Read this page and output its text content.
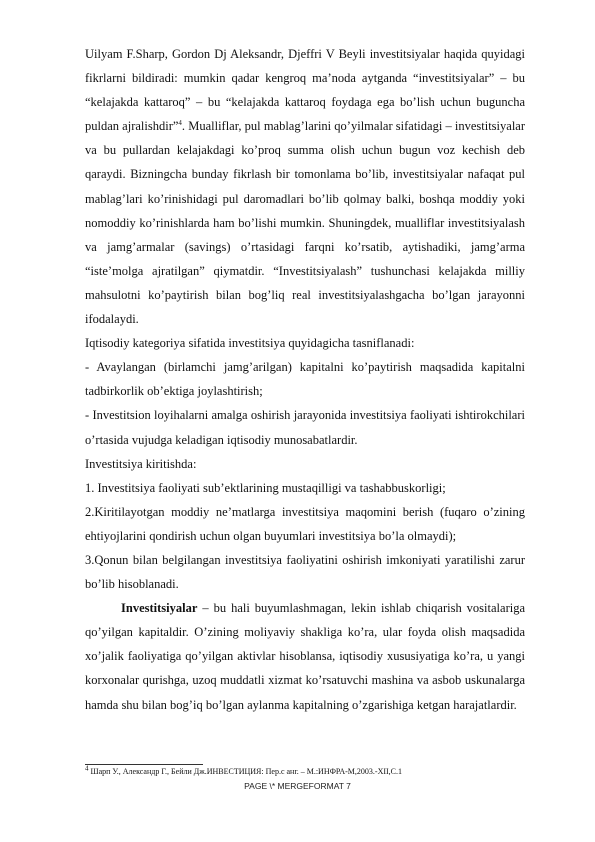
Uilyam F.Sharp, Gordon Dj Aleksandr, Djeffri V Beyli investitsiyalar haqida quyidagi fikrlarni bildiradi: mumkin qadar kengroq ma’noda aytganda “investitsiyalar” – bu “kelajakda kattaroq” – bu “kelajakda kattaroq foydaga ega bo’lish uchun buguncha puldan ajralishdir”$^4$. Mualliflar, pul mablag’larini qo’yilmalar sifatidagi – investitsiyalar va bu pullardan kelajakdagi ko’proq summa olish uchun bugun voz kechish deb qaraydi. Bizningcha bunday fikrlash bir tomonlama bo’lib, investitsiyalar nafaqat pul mablag’lari ko’rinishidagi pul daromadlari bo’lib qolmay balki, boshqa moddiy yoki nomoddiy ko’rinishlarda ham bo’lishi mumkin. Shuningdek, mualliflar investitsiyalash va jamg’armalar (savings) o’rtasidagi farqni ko’rsatib, aytishadiki, jamg’arma “iste’molga ajratilgan” qiymatdir. “Investitsiyalash” tushunchasi kelajakda milliy mahsulotni ko’paytirish bilan bog’liq real investitsiyalashgacha bo’lgan jarayonni ifodalaydi.

Iqtisodiy kategoriya sifatida investitsiya quyidagicha tasniflanadi:

- Avaylangan (birlamchi jamg’arilgan) kapitalni ko’paytirish maqsadida kapitalni tadbirkorlik ob’ektiga joylashtirish;

- Investitsion loyihalarni amalga oshirish jarayonida investitsiya faoliyati ishtirokchilari o’rtasida vujudga keladigan iqtisodiy munosabatlardir.

Investitsiya kiritishda:

1. Investitsiya faoliyati sub’ektlarining mustaqilligi va tashabbuskorligi;

2.Kiritilayotgan moddiy ne’matlarga investitsiya maqomini berish (fuqaro o’zining ehtiyojlarini qondirish uchun olgan buyumlari investitsiya bo’la olmaydi);

3.Qonun bilan belgilangan investitsiya faoliyatini oshirish imkoniyati yaratilishi zarur bo’lib hisoblanadi.

Investitsiyalar – bu hali buyumlashmagan, lekin ishlab chiqarish vositalariga qo’yilgan kapitaldir. O’zining moliyaviy shakliga ko’ra, ular foyda olish maqsadida xo’jalik faoliyatiga qo’yilgan aktivlar hisoblansa, iqtisodiy xususiyatiga ko’ra, u yangi korxonalar qurishga, uzoq muddatli xizmat ko’rsatuvchi mashina va asbob uskunalarga hamda shu bilan bog’iq bo’lgan aylanma kapitalning o’zgarishiga ketgan harajatlardir.

$^4$ Шарп У., Александр Г., Бейли Дж.ИНВЕСТИЦИЯ: Пер.с анг. – М.:ИНФРА-М,2003.-XII,С.1

PAGE \* MERGEFORMAT 7
